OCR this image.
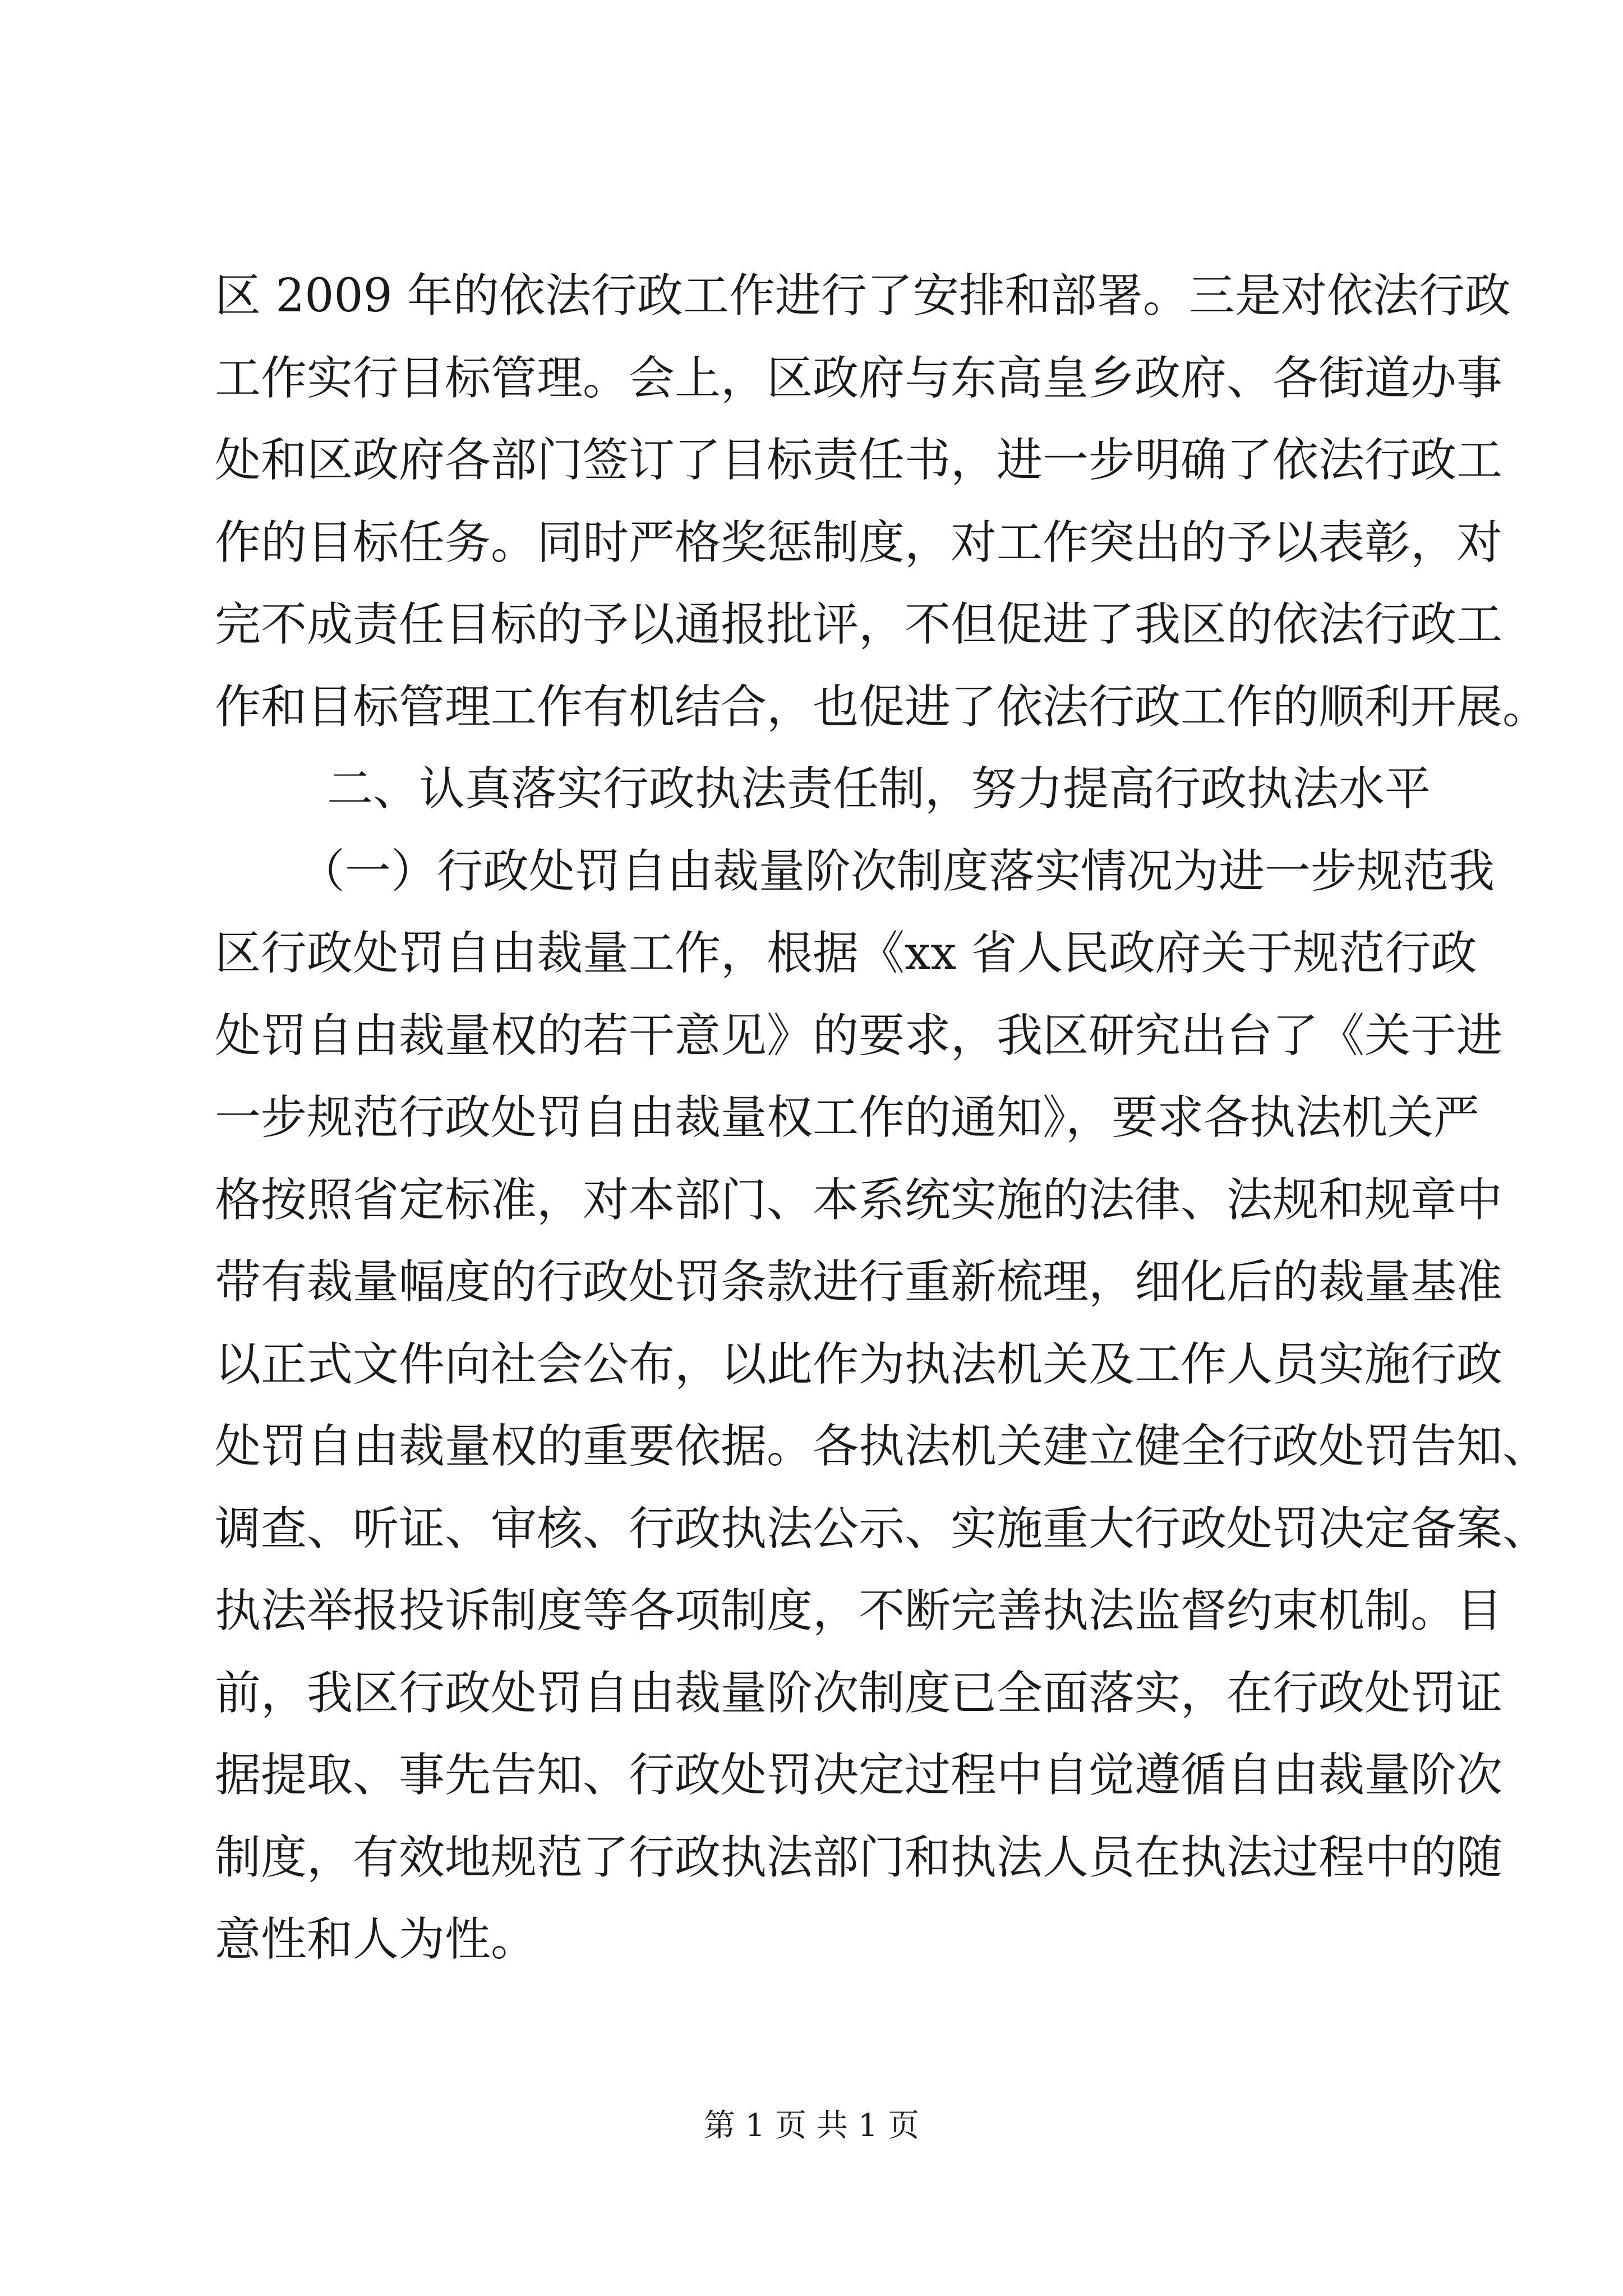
区 2009 年的依法行政工作进行了安排和部署。三是对依法行政
工作实行目标管理。会上，区政府与东高皇乡政府、各街道办事
处和区政府各部门签订了目标责任书，进一步明确了依法行政工
作的目标任务。同时严格奖惩制度，对工作突出的予以表彰，对
完不成责任目标的予以通报批评，不但促进了我区的依法行政工
作和目标管理工作有机结合，也促进了依法行政工作的顺利开展。
二、认真落实行政执法责任制，努力提高行政执法水平
（一）行政处罚自由裁量阶次制度落实情况为进一步规范我
区行政处罚自由裁量工作，根据《xx 省人民政府关于规范行政
处罚自由裁量权的若干意见》的要求，我区研究出台了《关于进
一步规范行政处罚自由裁量权工作的通知》，要求各执法机关严
格按照省定标准，对本部门、本系统实施的法律、法规和规章中
带有裁量幅度的行政处罚条款进行重新梳理，细化后的裁量基准
以正式文件向社会公布，以此作为执法机关及工作人员实施行政
处罚自由裁量权的重要依据。各执法机关建立健全行政处罚告知、
调查、听证、审核、行政执法公示、实施重大行政处罚决定备案、
执法举报投诉制度等各项制度，不断完善执法监督约束机制。目
前，我区行政处罚自由裁量阶次制度已全面落实，在行政处罚证
据提取、事先告知、行政处罚决定过程中自觉遵循自由裁量阶次
制度，有效地规范了行政执法部门和执法人员在执法过程中的随
意性和人为性。
第 1 页 共 1 页
